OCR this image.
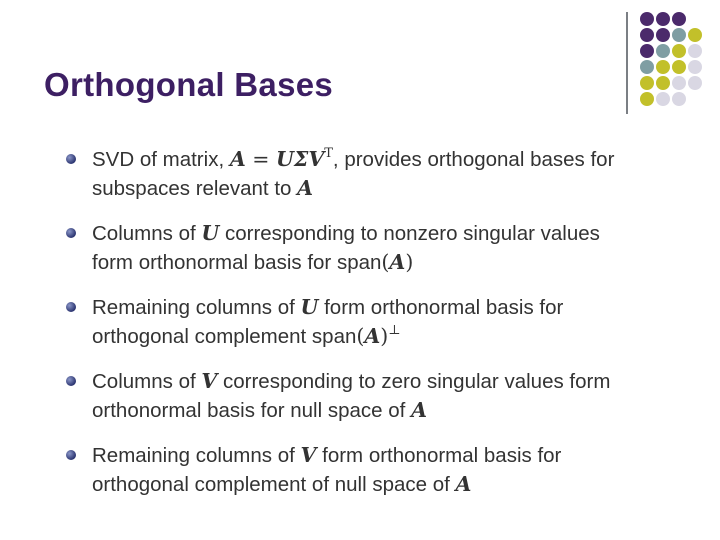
Orthogonal Bases
SVD of matrix, $A = U\Sigma V^T$, provides orthogonal bases for
subspaces relevant to A
Columns of U corresponding to nonzero singular values
form orthonormal basis for span(A)
Remaining columns of U form orthonormal basis for
orthogonal complement span(A)⊥
Columns of V corresponding to zero singular values form
orthonormal basis for null space of A
Remaining columns of V form orthonormal basis for
orthogonal complement of null space of A
